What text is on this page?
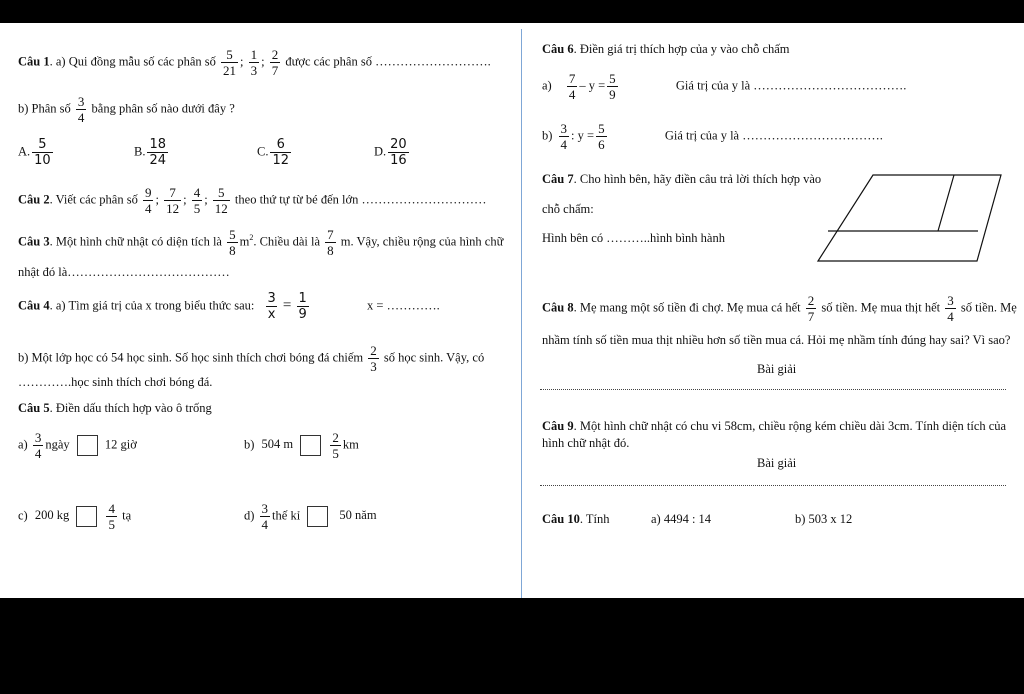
Câu 1. a) Qui đồng mẫu số các phân số $\frac{5}{21}$ ; $\frac{1}{3}$ ; $\frac{2}{7}$ được các phân số ……………………….
b) Phân số $\frac{3}{4}$ bằng phân số nào dưới đây ?
A. $\frac{5}{10}$	B. $\frac{18}{24}$	C. $\frac{6}{12}$	D. $\frac{20}{16}$
Câu 2. Viết các phân số $\frac{9}{4}$ ; $\frac{7}{12}$ ; $\frac{4}{5}$ ; $\frac{5}{12}$ theo thứ tự từ bé đến lớn …………………………
Câu 3. Một hình chữ nhật có diện tích là $\frac{5}{8} m^2$. Chiều dài là $\frac{7}{8} m$. Vậy, chiều rộng của hình chữ
nhật đó là…………………………………
Câu 4. a) Tìm giá trị của x trong biểu thức sau: $\frac{3}{x} = \frac{1}{9}$	x = ………….
b) Một lớp học có 54 học sinh. Số học sinh thích chơi bóng đá chiếm $\frac{2}{3}$ số học sinh. Vậy, có
………….học sinh thích chơi bóng đá.
Câu 5. Điền dấu thích hợp vào ô trống
$a) \frac{3}{4}$ ngày	12 giờ	b) 504 m	$\frac{2}{5}$ km
c) 200 kg	$\frac{4}{5}$ tạ	$d) \frac{3}{4}$ thế kỉ	50 năm
Câu 6. Điền giá trị thích hợp của y vào chỗ chấm
$a) \frac{7}{4} - y = \frac{5}{9}$	Giá trị của y là ……………………………….
$b) \frac{3}{4}$ : $y = \frac{5}{6}$	Giá trị của y là …………………………….
Câu 7. Cho hình bên, hãy điền câu trả lời thích hợp vào
chỗ chấm:
Hình bên có ………..hình bình hành
Câu 8. Mẹ mang một số tiền đi chợ. Mẹ mua cá hết $\frac{2}{7}$ số tiền. Mẹ mua thịt hết $\frac{3}{4}$ số tiền. Mẹ
nhầm tính số tiền mua thịt nhiều hơn số tiền mua cá. Hỏi mẹ nhầm tính đúng hay sai? Vì sao?
Bài giải
Câu 9. Một hình chữ nhật có chu vi 58cm, chiều rộng kém chiều dài 3cm. Tính diện tích của
hình chữ nhật đó.
Bài giải
Câu 10. Tính	a) 4494 : 14	b) 503 x 12
